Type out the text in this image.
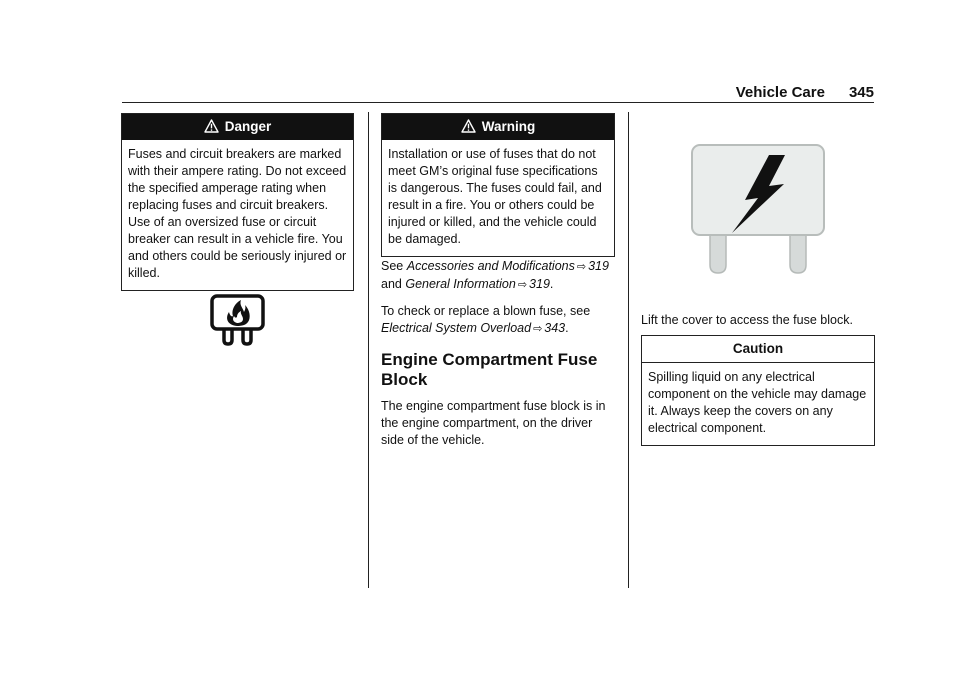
Vehicle Care 345
Danger
Fuses and circuit breakers are marked with their ampere rating. Do not exceed the specified amperage rating when replacing fuses and circuit breakers. Use of an oversized fuse or circuit breaker can result in a vehicle fire. You and others could be seriously injured or killed.
Warning
Installation or use of fuses that do not meet GM’s original fuse specifications is dangerous. The fuses could fail, and result in a fire. You or others could be injured or killed, and the vehicle could be damaged.

See Accessories and Modifications ⇨ 319 and General Information ⇨ 319.

To check or replace a blown fuse, see Electrical System Overload ⇨ 343.

Engine Compartment Fuse Block

The engine compartment fuse block is in the engine compartment, on the driver side of the vehicle.

Lift the cover to access the fuse block.
Caution
Spilling liquid on any electrical component on the vehicle may damage it. Always keep the covers on any electrical component.
